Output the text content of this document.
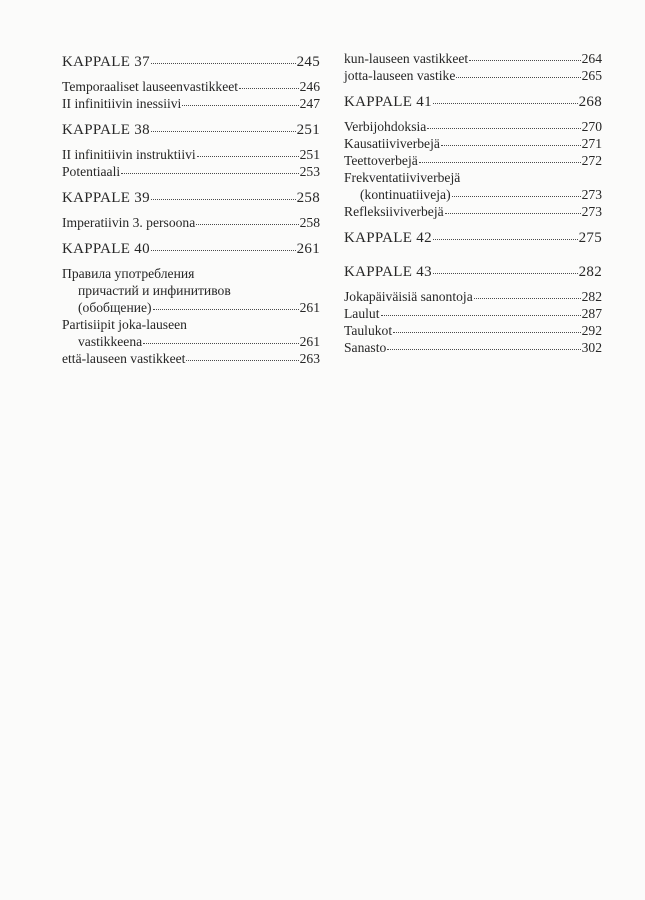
KAPPALE 37	245
Temporaaliset lauseenvastikkeet	246
II infinitiivin inessiivi	247
KAPPALE 38	251
II infinitiivin instruktiivi	251
Potentiaali	253
KAPPALE 39	258
Imperatiivin 3. persoona	258
KAPPALE 40	261
Правила употребления
причастий и инфинитивов
(обобщение)	261
Partisiipit joka-lauseen
vastikkeena	261
että-lauseen vastikkeet	263
kun-lauseen vastikkeet	264
jotta-lauseen vastike	265
KAPPALE 41	268
Verbijohdoksia	270
Kausatiiviverbejä	271
Teettoverbejä	272
Frekventatiiviverbejä
(kontinuatiiveja)	273
Refleksiiviverbejä	273
KAPPALE 42	275
KAPPALE 43	282
Jokapäiväisiä sanontoja	282
Laulut	287
Taulukot	292
Sanasto	302
